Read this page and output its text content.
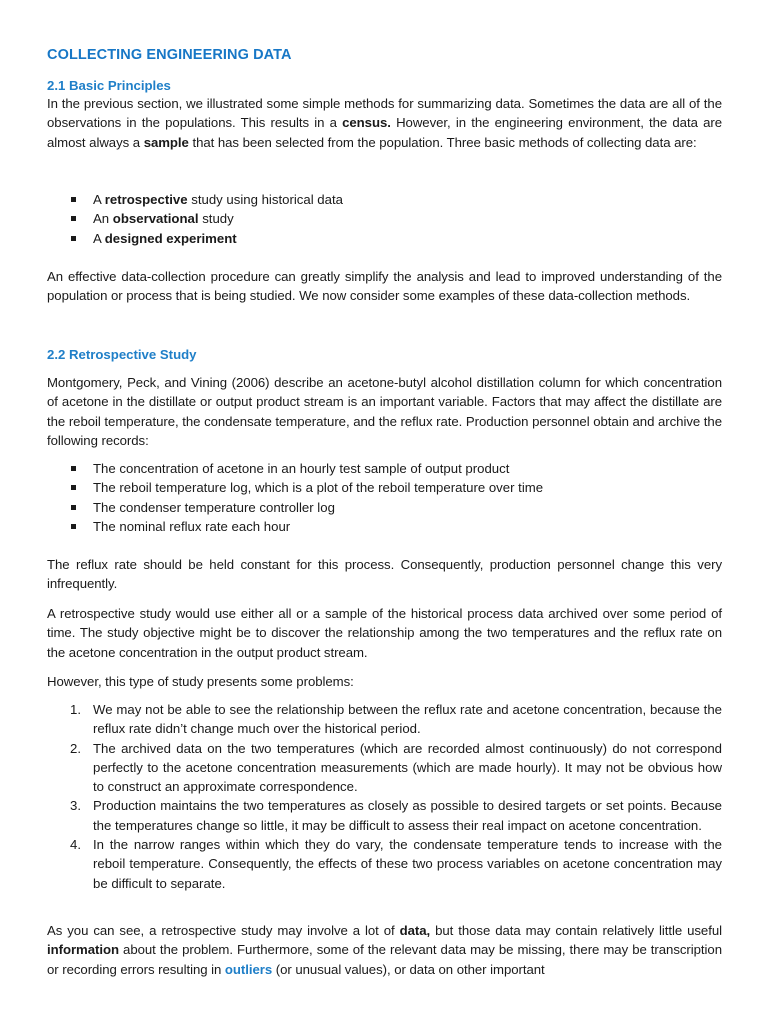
COLLECTING ENGINEERING DATA
2.1 Basic Principles

In the previous section, we illustrated some simple methods for summarizing data. Sometimes the data are all of the observations in the populations. This results in a census. However, in the engineering environment, the data are almost always a sample that has been selected from the population. Three basic methods of collecting data are:

A retrospective study using historical data
An observational study
A designed experiment

An effective data-collection procedure can greatly simplify the analysis and lead to improved understanding of the population or process that is being studied. We now consider some examples of these data-collection methods.

2.2 Retrospective Study

Montgomery, Peck, and Vining (2006) describe an acetone-butyl alcohol distillation column for which concentration of acetone in the distillate or output product stream is an important variable. Factors that may affect the distillate are the reboil temperature, the condensate temperature, and the reflux rate. Production personnel obtain and archive the following records:

The concentration of acetone in an hourly test sample of output product
The reboil temperature log, which is a plot of the reboil temperature over time
The condenser temperature controller log
The nominal reflux rate each hour

The reflux rate should be held constant for this process. Consequently, production personnel change this very infrequently.

A retrospective study would use either all or a sample of the historical process data archived over some period of time. The study objective might be to discover the relationship among the two temperatures and the reflux rate on the acetone concentration in the output product stream.

However, this type of study presents some problems:

1. We may not be able to see the relationship between the reflux rate and acetone concentration, because the reflux rate didn’t change much over the historical period.
2. The archived data on the two temperatures (which are recorded almost continuously) do not correspond perfectly to the acetone concentration measurements (which are made hourly). It may not be obvious how to construct an approximate correspondence.
3. Production maintains the two temperatures as closely as possible to desired targets or set points. Because the temperatures change so little, it may be difficult to assess their real impact on acetone concentration.
4. In the narrow ranges within which they do vary, the condensate temperature tends to increase with the reboil temperature. Consequently, the effects of these two process variables on acetone concentration may be difficult to separate.

As you can see, a retrospective study may involve a lot of data, but those data may contain relatively little useful information about the problem. Furthermore, some of the relevant data may be missing, there may be transcription or recording errors resulting in outliers (or unusual values), or data on other important
